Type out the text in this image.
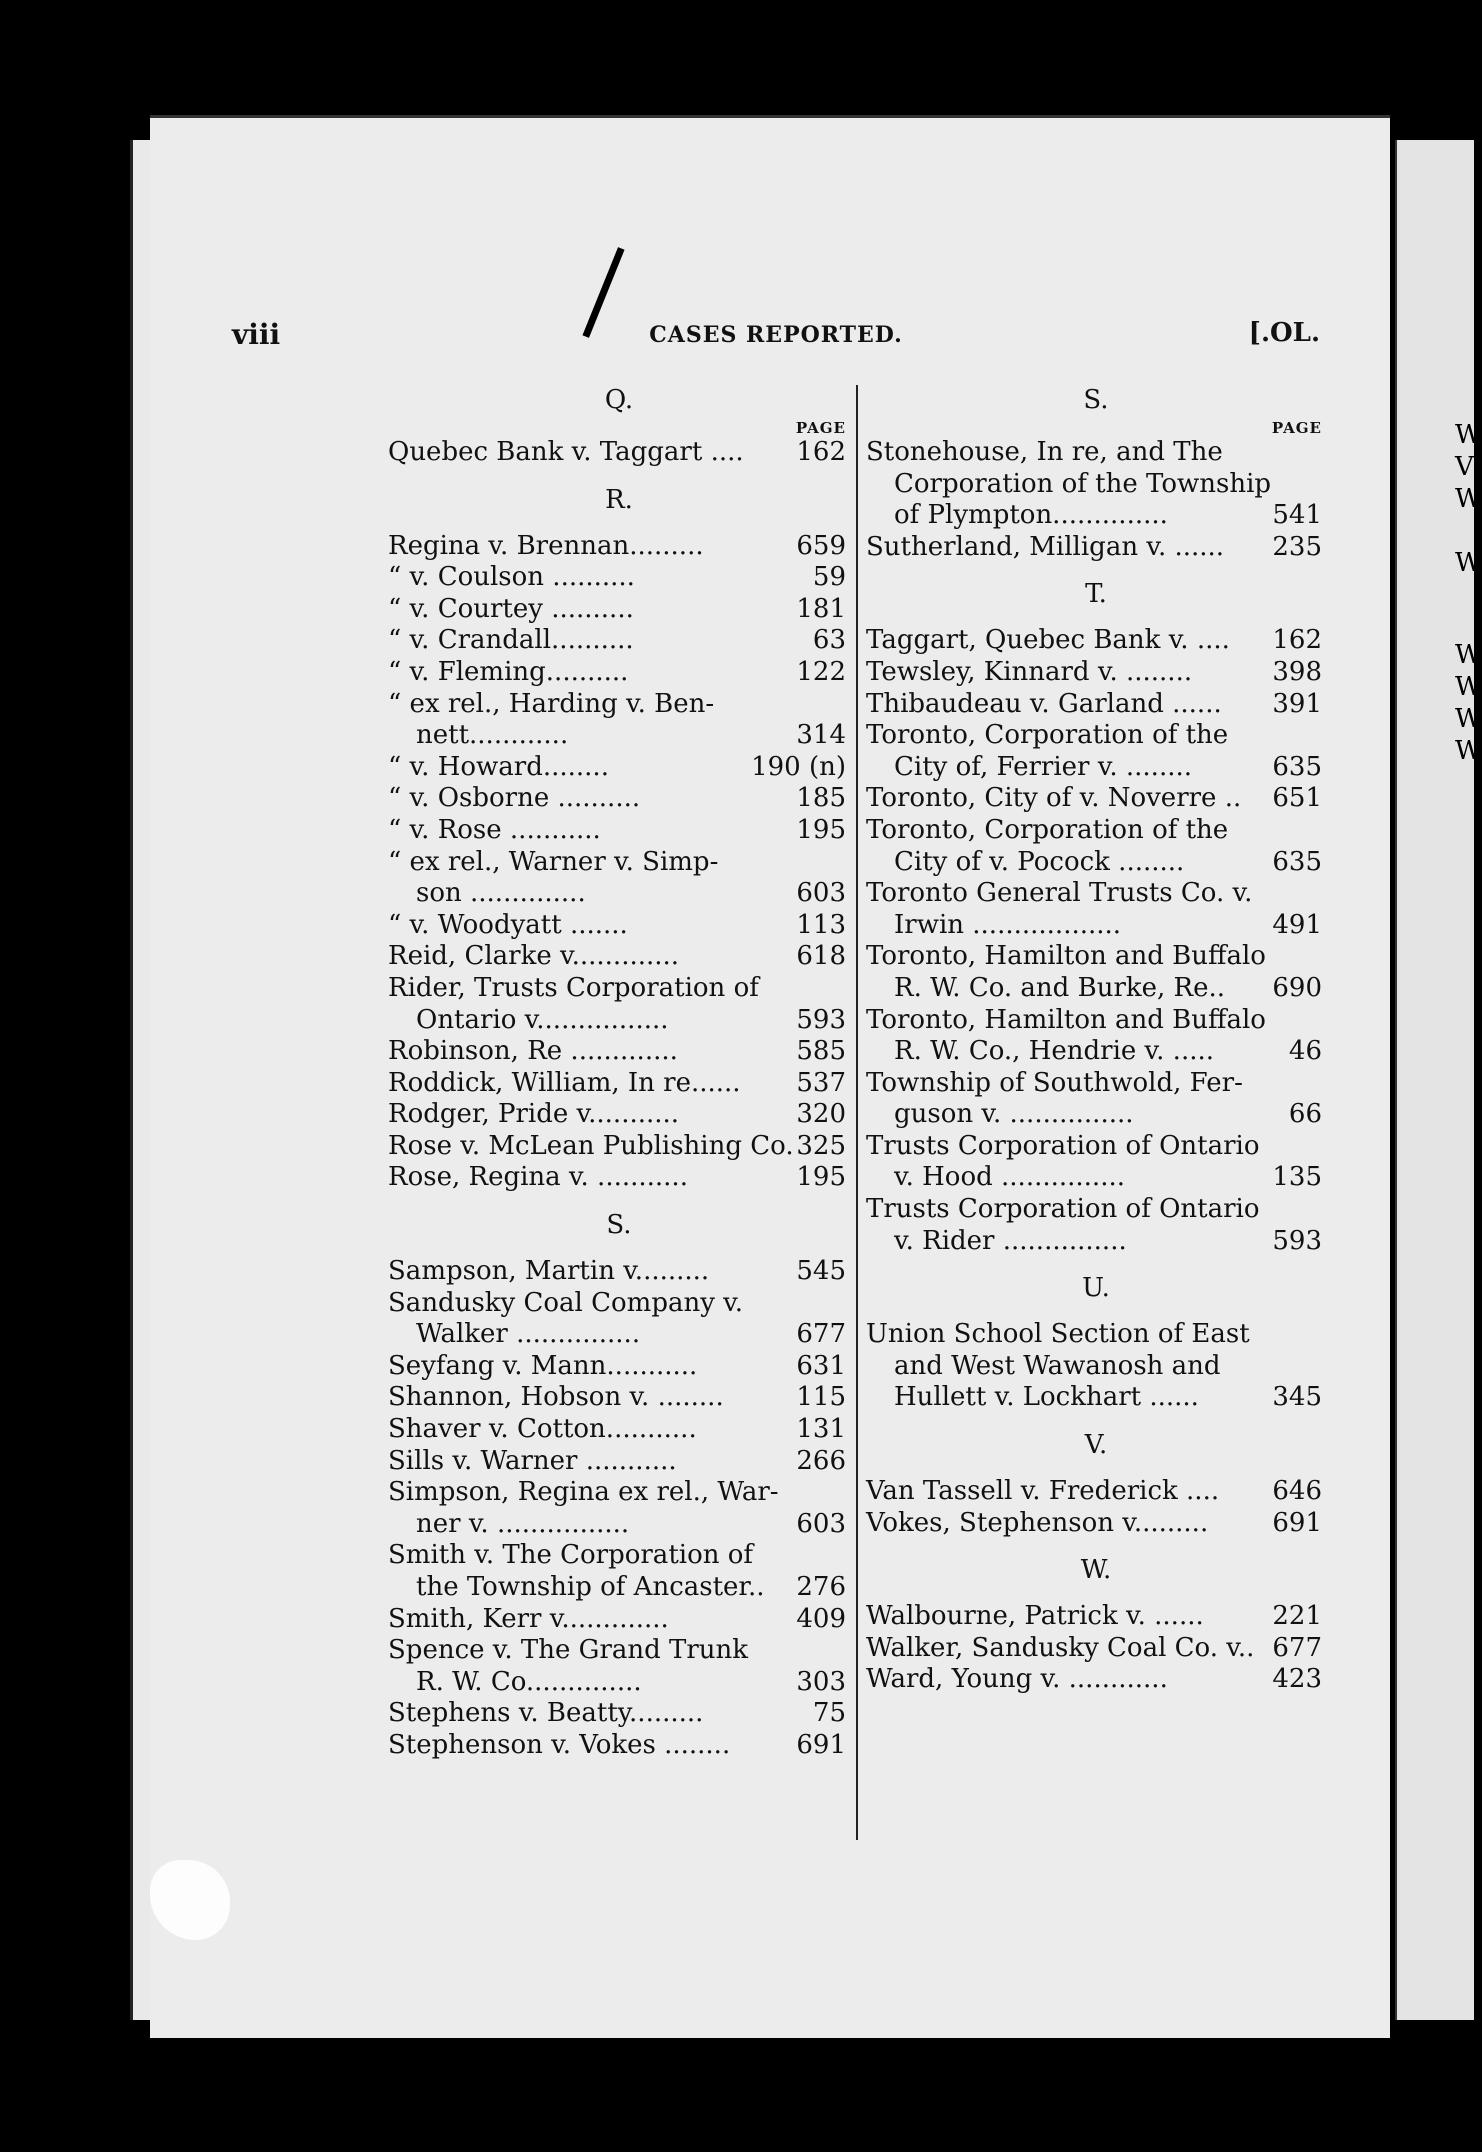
viii	CASES REPORTED.	[.OL.
Q.
PAGE
Quebec Bank v. Taggart ....	162
R.
Regina v. Brennan.........	659
“ v. Coulson ..........	59
“ v. Courtey ..........	181
“ v. Crandall..........	63
“ v. Fleming..........	122
“ ex rel., Harding v. Ben-
nett............	314
“ v. Howard........	190 (n)
“ v. Osborne ..........	185
“ v. Rose ...........	195
“ ex rel., Warner v. Simp-
son ..............	603
“ v. Woodyatt .......	113
Reid, Clarke v.............	618
Rider, Trusts Corporation of
Ontario v................	593
Robinson, Re .............	585
Roddick, William, In re......	537
Rodger, Pride v...........	320
Rose v. McLean Publishing Co. 325
Rose, Regina v. ...........	195
S.
Sampson, Martin v.........	545
Sandusky Coal Company v.
Walker ...............	677
Seyfang v. Mann...........	631
Shannon, Hobson v. ........	115
Shaver v. Cotton...........	131
Sills v. Warner ...........	266
Simpson, Regina ex rel., War-
ner v. ................	603
Smith v. The Corporation of
the Township of Ancaster..	276
Smith, Kerr v.............	409
Spence v. The Grand Trunk
R. W. Co..............	303
Stephens v. Beatty.........	75
Stephenson v. Vokes ........	691
S.
PAGE
Stonehouse, In re, and The
Corporation of the Township
of Plympton..............	541
Sutherland, Milligan v. ......	235
T.
Taggart, Quebec Bank v. ....	162
Tewsley, Kinnard v. ........	398
Thibaudeau v. Garland ......	391
Toronto, Corporation of the
City of, Ferrier v. ........	635
Toronto, City of v. Noverre ..	651
Toronto, Corporation of the
City of v. Pocock ........	635
Toronto General Trusts Co. v.
Irwin ..................	491
Toronto, Hamilton and Buffalo
R. W. Co. and Burke, Re..	690
Toronto, Hamilton and Buffalo
R. W. Co., Hendrie v. .....	46
Township of Southwold, Fer-
guson v. ...............	66
Trusts Corporation of Ontario
v. Hood ...............	135
Trusts Corporation of Ontario
v. Rider ...............	593
U.
Union School Section of East
and West Wawanosh and
Hullett v. Lockhart ......	345
V.
Van Tassell v. Frederick ....	646
Vokes, Stephenson v.........	691
W.
Walbourne, Patrick v. ......	221
Walker, Sandusky Coal Co. v.. 677
Ward, Young v. ............	423
W
V
W
W
W
W
W
W
